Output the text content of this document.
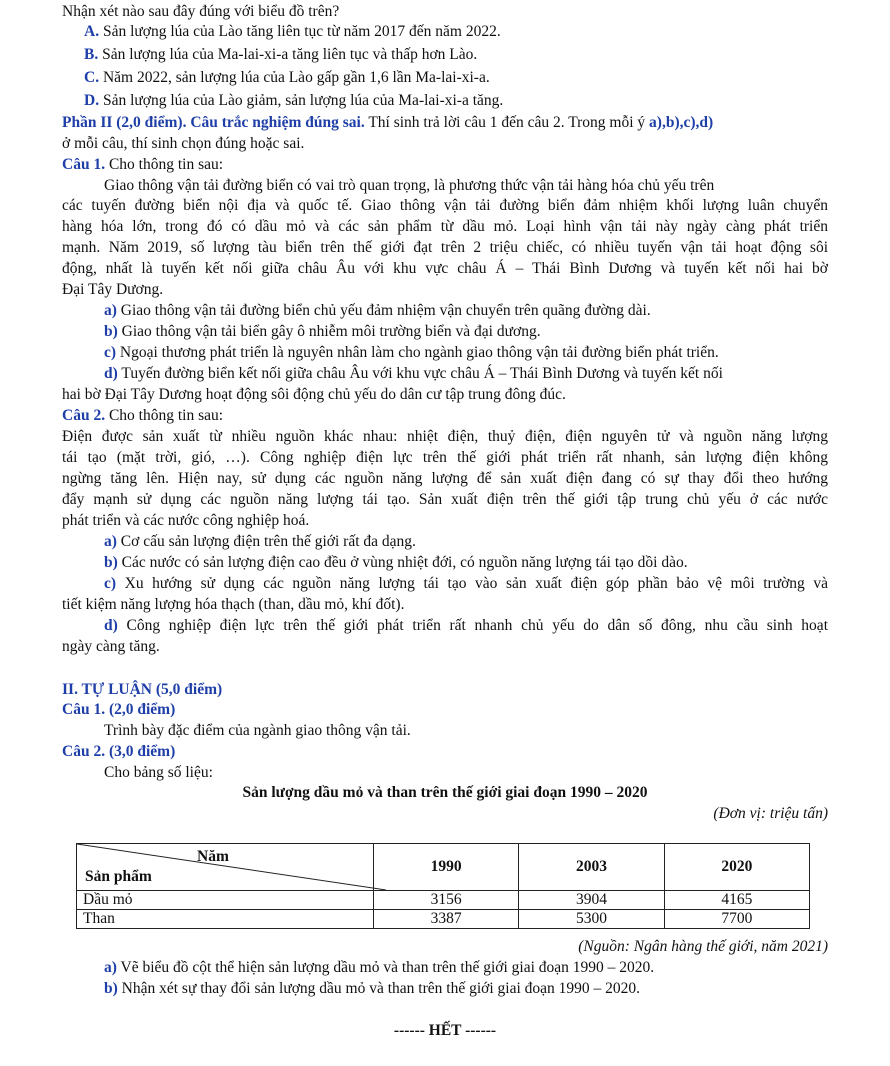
Nhận xét nào sau đây đúng với biểu đồ trên?
A. Sản lượng lúa của Lào tăng liên tục từ năm 2017 đến năm 2022.
B. Sản lượng lúa của Ma-lai-xi-a tăng liên tục và thấp hơn Lào.
C. Năm 2022, sản lượng lúa của Lào gấp gần 1,6 lần Ma-lai-xi-a.
D. Sản lượng lúa của Lào giảm, sản lượng lúa của Ma-lai-xi-a tăng.
Phần II (2,0 điểm). Câu trắc nghiệm đúng sai. Thí sinh trả lời câu 1 đến câu 2. Trong mỗi ý a),b),c),d)
ở mỗi câu, thí sinh chọn đúng hoặc sai.
Câu 1. Cho thông tin sau:
Giao thông vận tải đường biển có vai trò quan trọng, là phương thức vận tải hàng hóa chủ yếu trên
các tuyến đường biển nội địa và quốc tế. Giao thông vận tải đường biển đảm nhiệm khối lượng luân chuyển
hàng hóa lớn, trong đó có dầu mỏ và các sản phẩm từ dầu mỏ. Loại hình vận tải này ngày càng phát triển
mạnh. Năm 2019, số lượng tàu biển trên thế giới đạt trên 2 triệu chiếc, có nhiều tuyến vận tải hoạt động sôi
động, nhất là tuyến kết nối giữa châu Âu với khu vực châu Á – Thái Bình Dương và tuyến kết nối hai bờ
Đại Tây Dương.
a) Giao thông vận tải đường biển chủ yếu đảm nhiệm vận chuyển trên quãng đường dài.
b) Giao thông vận tải biển gây ô nhiễm môi trường biển và đại dương.
c) Ngoại thương phát triển là nguyên nhân làm cho ngành giao thông vận tải đường biển phát triển.
d) Tuyến đường biển kết nối giữa châu Âu với khu vực châu Á – Thái Bình Dương và tuyến kết nối
hai bờ Đại Tây Dương hoạt động sôi động chủ yếu do dân cư tập trung đông đúc.
Câu 2. Cho thông tin sau:
Điện được sản xuất từ nhiều nguồn khác nhau: nhiệt điện, thuỷ điện, điện nguyên tử và nguồn năng lượng
tái tạo (mặt trời, gió, …). Công nghiệp điện lực trên thế giới phát triển rất nhanh, sản lượng điện không
ngừng tăng lên. Hiện nay, sử dụng các nguồn năng lượng để sản xuất điện đang có sự thay đổi theo hướng
đẩy mạnh sử dụng các nguồn năng lượng tái tạo. Sản xuất điện trên thế giới tập trung chủ yếu ở các nước
phát triển và các nước công nghiệp hoá.
a) Cơ cấu sản lượng điện trên thế giới rất đa dạng.
b) Các nước có sản lượng điện cao đều ở vùng nhiệt đới, có nguồn năng lượng tái tạo dồi dào.
c) Xu hướng sử dụng các nguồn năng lượng tái tạo vào sản xuất điện góp phần bảo vệ môi trường và
tiết kiệm năng lượng hóa thạch (than, dầu mỏ, khí đốt).
d) Công nghiệp điện lực trên thế giới phát triển rất nhanh chủ yếu do dân số đông, nhu cầu sinh hoạt
ngày càng tăng.
II. TỰ LUẬN (5,0 điểm)
Câu 1. (2,0 điểm)
Trình bày đặc điểm của ngành giao thông vận tải.
Câu 2. (3,0 điểm)
Cho bảng số liệu:
Sản lượng dầu mỏ và than trên thế giới giai đoạn 1990 – 2020
(Đơn vị: triệu tấn)
Năm
Sản phẩm	1990	2003	2020
Dầu mỏ	3156	3904	4165
Than	3387	5300	7700
(Nguồn: Ngân hàng thế giới, năm 2021)
a) Vẽ biểu đồ cột thể hiện sản lượng dầu mỏ và than trên thế giới giai đoạn 1990 – 2020.
b) Nhận xét sự thay đổi sản lượng dầu mỏ và than trên thế giới giai đoạn 1990 – 2020.
------ HẾT ------
